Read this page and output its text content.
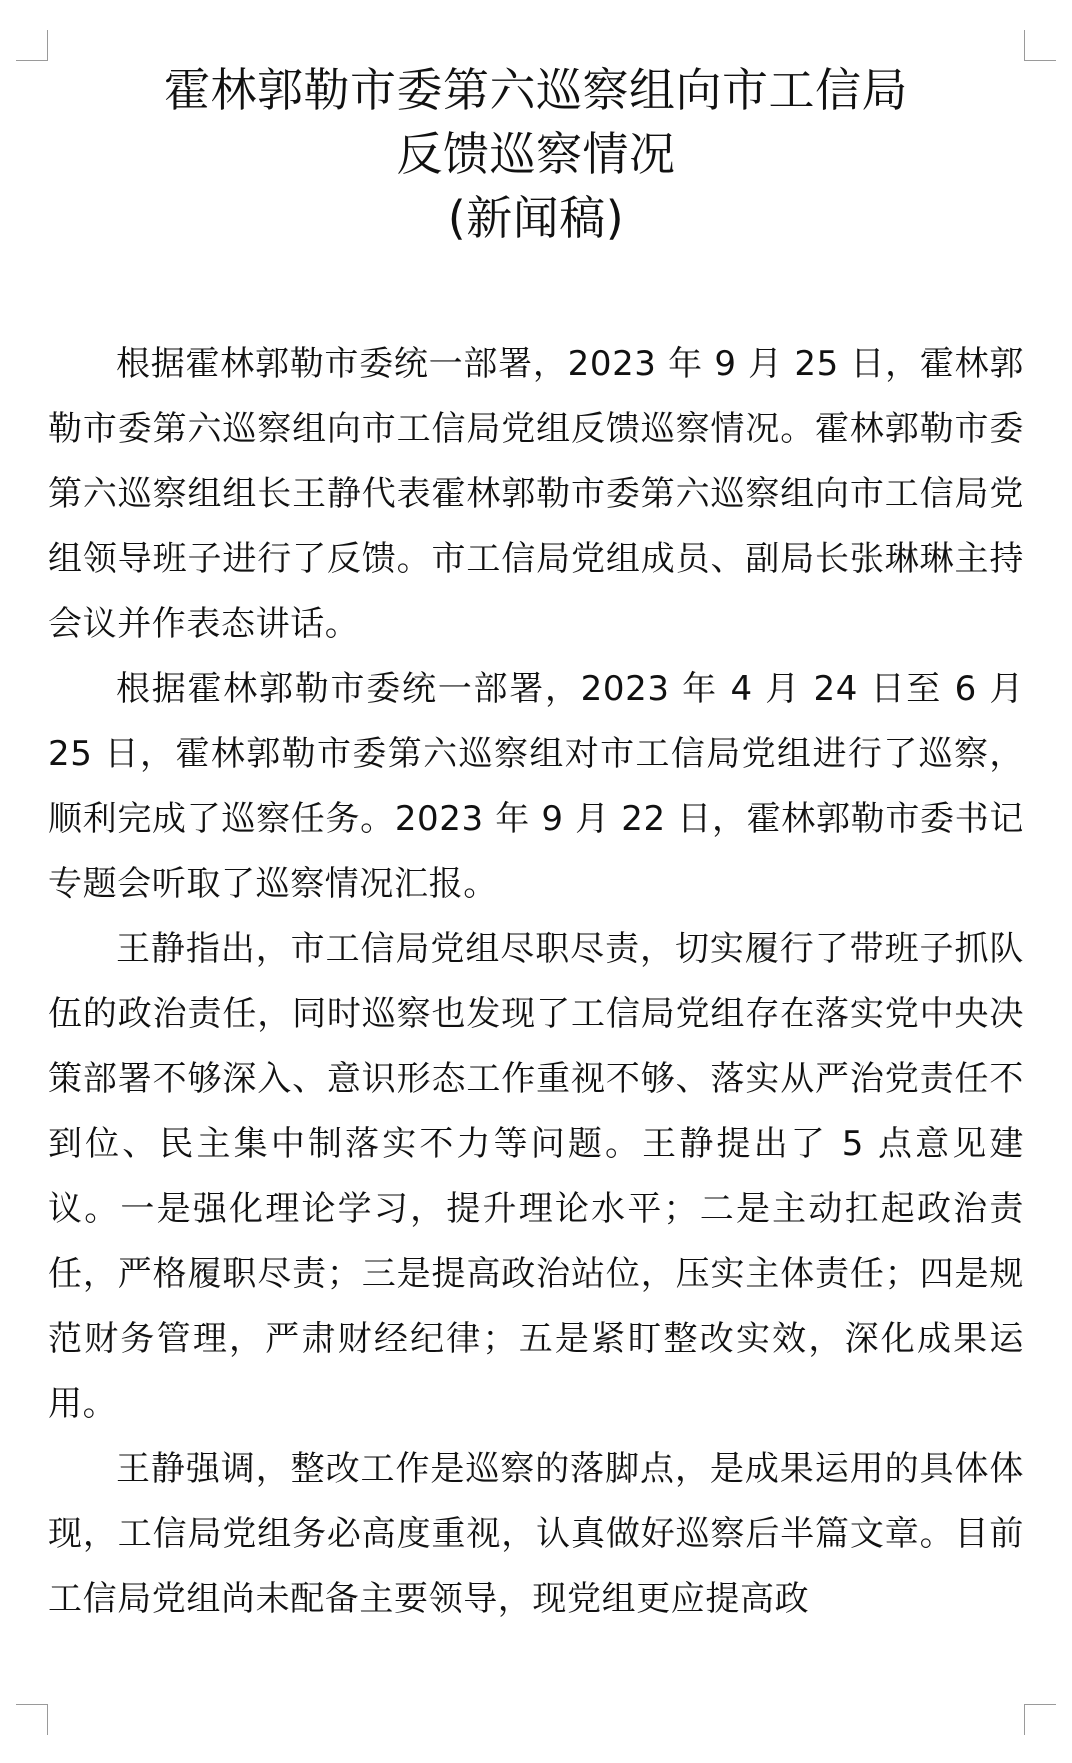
霍林郭勒市委第六巡察组向市工信局
反馈巡察情况
(新闻稿)

根据霍林郭勒市委统一部署，2023 年 9 月 25 日，霍林郭勒市委第六巡察组向市工信局党组反馈巡察情况。霍林郭勒市委第六巡察组组长王静代表霍林郭勒市委第六巡察组向市工信局党组领导班子进行了反馈。市工信局党组成员、副局长张琳琳主持会议并作表态讲话。

根据霍林郭勒市委统一部署，2023 年 4 月 24 日至 6 月 25 日，霍林郭勒市委第六巡察组对市工信局党组进行了巡察，顺利完成了巡察任务。2023 年 9 月 22 日，霍林郭勒市委书记专题会听取了巡察情况汇报。

王静指出，市工信局党组尽职尽责，切实履行了带班子抓队伍的政治责任，同时巡察也发现了工信局党组存在落实党中央决策部署不够深入、意识形态工作重视不够、落实从严治党责任不到位、民主集中制落实不力等问题。王静提出了 5 点意见建议。一是强化理论学习，提升理论水平；二是主动扛起政治责任，严格履职尽责；三是提高政治站位，压实主体责任；四是规范财务管理，严肃财经纪律；五是紧盯整改实效，深化成果运用。

王静强调，整改工作是巡察的落脚点，是成果运用的具体体现，工信局党组务必高度重视，认真做好巡察后半篇文章。目前工信局党组尚未配备主要领导，现党组更应提高政
